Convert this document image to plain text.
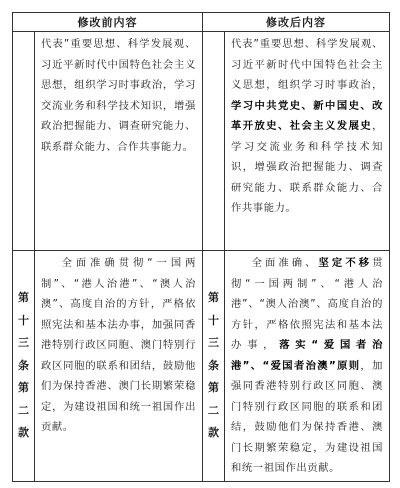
修改前内容		修改后内容	
	代表”重要思想、科学发展观、习近平新时代中国特色社会主义思想，组织学习时事政治，学习交流业务和科学技术知识，增强政治把握能力、调查研究能力、联系群众能力、合作共事能力。		代表”重要思想、科学发展观、习近平新时代中国特色社会主义思想，组织学习时事政治，学习中共党史、新中国史、改革开放史、社会主义发展史，学习交流业务和科学技术知识，增强政治把握能力、调查研究能力、联系群众能力、合作共事能力。
第十三条第二款	全面准确贯彻“一国两制”、“港人治港”、“澳人治澳”、高度自治的方针，严格依照宪法和基本法办事，加强同香港特别行政区同胞、澳门特别行政区同胞的联系和团结，鼓励他们为保持香港、澳门长期繁荣稳定，为建设祖国和统一祖国作出贡献。	第十三条第二款	全面准确、坚定不移贯彻“一国两制”、“港人治港”、“澳人治澳”、高度自治的方针，严格依照宪法和基本法办事，落实“爱国者治港”、“爱国者治澳”原则，加强同香港特别行政区同胞、澳门特别行政区同胞的联系和团结，鼓励他们为保持香港、澳门长期繁荣稳定，为建设祖国和统一祖国作出贡献。
